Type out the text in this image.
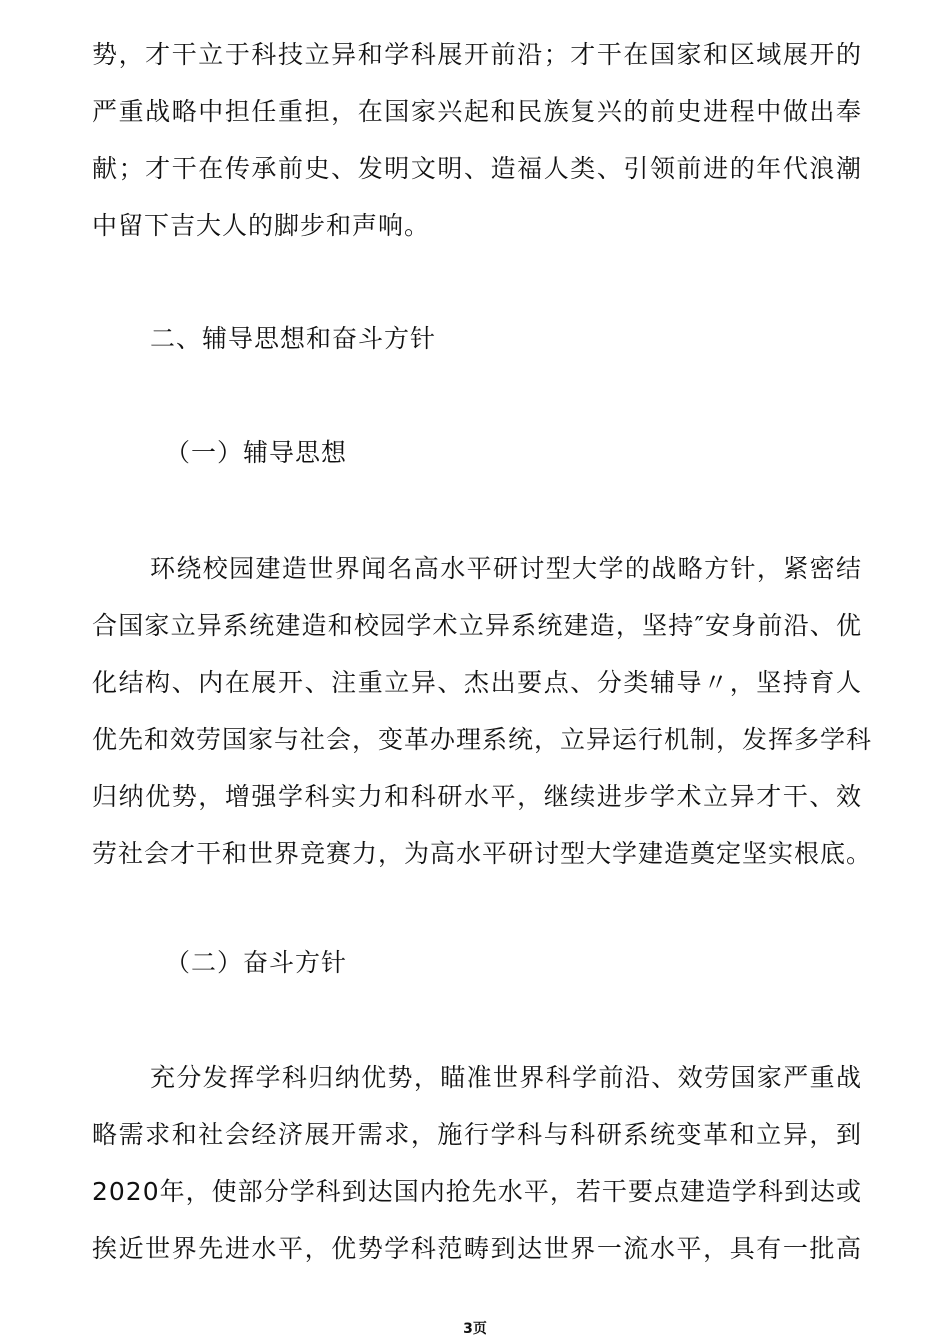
势，才干立于科技立异和学科展开前沿；才干在国家和区域展开的
严重战略中担任重担，在国家兴起和民族复兴的前史进程中做出奉
献；才干在传承前史、发明文明、造福人类、引领前进的年代浪潮
中留下吉大人的脚步和声响。
二、辅导思想和奋斗方针
（一）辅导思想
环绕校园建造世界闻名高水平研讨型大学的战略方针，紧密结
合国家立异系统建造和校园学术立异系统建造，坚持″安身前沿、优
化结构、内在展开、注重立异、杰出要点、分类辅导〃，坚持育人
优先和效劳国家与社会，变革办理系统，立异运行机制，发挥多学科
归纳优势，增强学科实力和科研水平，继续进步学术立异才干、效
劳社会才干和世界竞赛力，为高水平研讨型大学建造奠定坚实根底。
（二）奋斗方针
充分发挥学科归纳优势，瞄准世界科学前沿、效劳国家严重战
略需求和社会经济展开需求，施行学科与科研系统变革和立异，到
2020年，使部分学科到达国内抢先水平，若干要点建造学科到达或
挨近世界先进水平，优势学科范畴到达世界一流水平，具有一批高
3页
